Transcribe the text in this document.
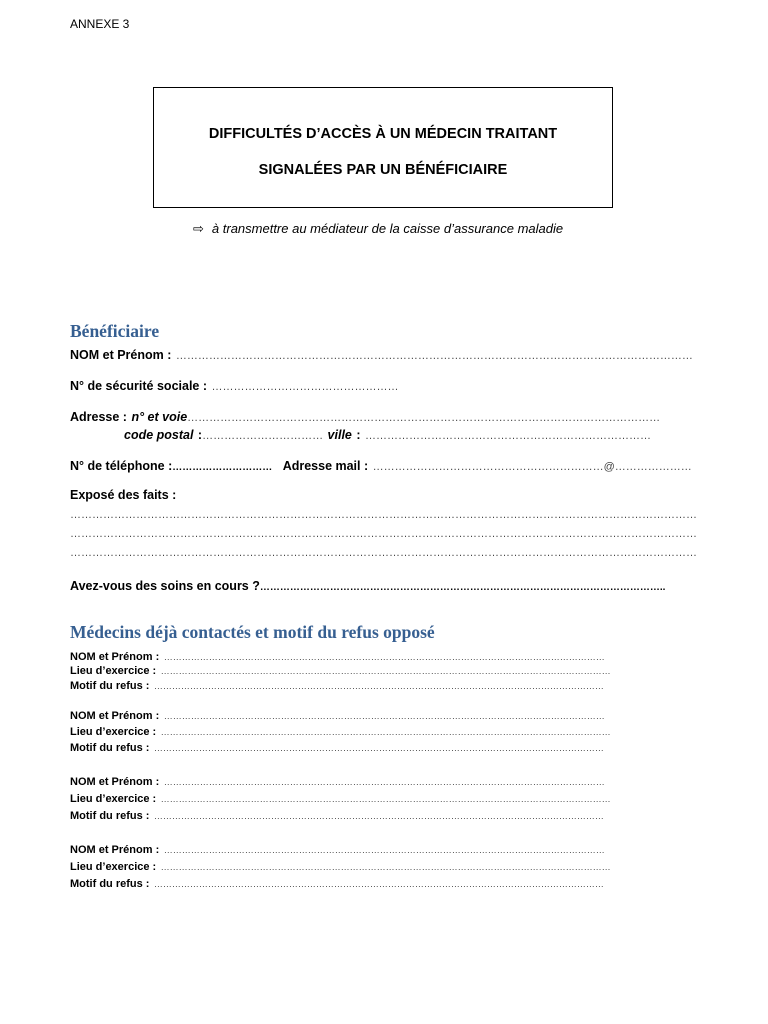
ANNEXE 3
DIFFICULTÉS D’ACCÈS À UN MÉDECIN TRAITANT
SIGNALÉES PAR UN BÉNÉFICIAIRE
⇨ à transmettre au médiateur de la caisse d’assurance maladie
Bénéficiaire
NOM et Prénom : ……………………………………………………………………………………………………………………………
N° de sécurité sociale : ……………………………………………
Adresse : n° et voie…………………………………………………………………………………………………………………
code postal :…………………………… ville : ……………………………………………………………………
N° de téléphone :………………………… Adresse mail : ………………………………………………………@…………………
Exposé des faits :
………………………………………………………………………………………………………………………………………………………
………………………………………………………………………………………………………………………………………………………
………………………………………………………………………………………………………………………………………………………
Avez-vous des soins en cours ?…………………………………………………………………………………………………………..
Médecins déjà contactés et motif du refus opposé
NOM et Prénom : …………………………………………………………………………………………………………………………………
Lieu d’exercice : ……………………………………………………………………………………………………………………………………
Motif du refus : ……………………………………………………………………………………………………………………………………
NOM et Prénom : …………………………………………………………………………………………………………………………………
Lieu d’exercice : ……………………………………………………………………………………………………………………………………
Motif du refus : ……………………………………………………………………………………………………………………………………
NOM et Prénom : …………………………………………………………………………………………………………………………………
Lieu d’exercice : ……………………………………………………………………………………………………………………………………
Motif du refus : ……………………………………………………………………………………………………………………………………
NOM et Prénom : …………………………………………………………………………………………………………………………………
Lieu d’exercice : ……………………………………………………………………………………………………………………………………
Motif du refus : ……………………………………………………………………………………………………………………………………
